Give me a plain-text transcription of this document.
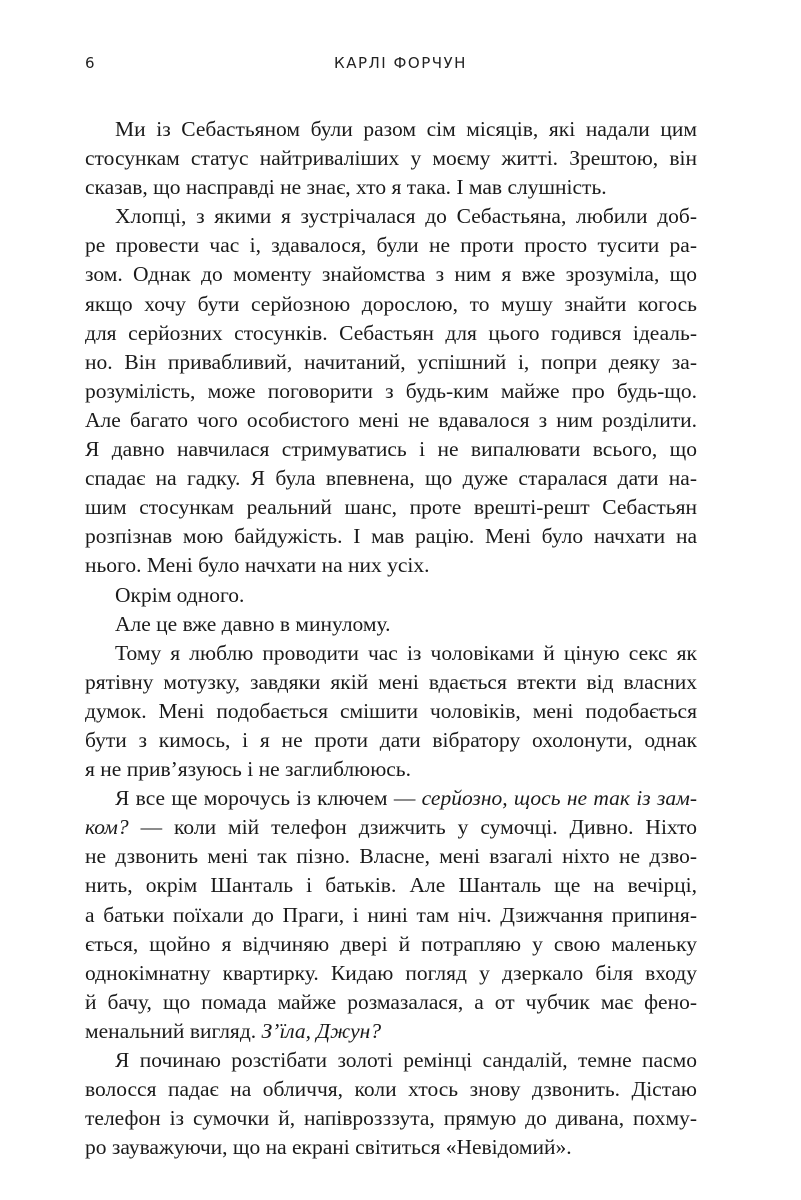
6	КАРЛІ ФОРЧУН
Ми із Себастьяном були разом сім місяців, які надали цим
стосункам статус найтриваліших у моєму житті. Зрештою, він
сказав, що насправді не знає, хто я така. І мав слушність.
Хлопці, з якими я зустрічалася до Себастьяна, любили доб-
ре провести час і, здавалося, були не проти просто тусити ра-
зом. Однак до моменту знайомства з ним я вже зрозуміла, що
якщо хочу бути серйозною дорослою, то мушу знайти когось
для серйозних стосунків. Себастьян для цього годився ідеаль-
но. Він привабливий, начитаний, успішний і, попри деяку за-
розумілість, може поговорити з будь-ким майже про будь-що.
Але багато чого особистого мені не вдавалося з ним розділити.
Я давно навчилася стримуватись і не випалювати всього, що
спадає на гадку. Я була впевнена, що дуже старалася дати на-
шим стосункам реальний шанс, проте врешті-решт Себастьян
розпізнав мою байдужість. І мав рацію. Мені було начхати на
нього. Мені було начхати на них усіх.
Окрім одного.
Але це вже давно в минулому.
Тому я люблю проводити час із чоловіками й ціную секс як
рятівну мотузку, завдяки якій мені вдається втекти від власних
думок. Мені подобається смішити чоловіків, мені подобається
бути з кимось, і я не проти дати вібратору охолонути, однак
я не прив’язуюсь і не заглиблююсь.
Я все ще морочусь із ключем — серйозно, щось не так із зам-
ком? — коли мій телефон дзижчить у сумочці. Дивно. Ніхто
не дзвонить мені так пізно. Власне, мені взагалі ніхто не дзво-
нить, окрім Шанталь і батьків. Але Шанталь ще на вечірці,
а батьки поїхали до Праги, і нині там ніч. Дзижчання припиня-
ється, щойно я відчиняю двері й потрапляю у свою маленьку
однокімнатну квартирку. Кидаю погляд у дзеркало біля входу
й бачу, що помада майже розмазалася, а от чубчик має фено-
менальний вигляд. З’їла, Джун?
Я починаю розстібати золоті ремінці сандалій, темне пасмо
волосся падає на обличчя, коли хтось знову дзвонить. Дістаю
телефон із сумочки й, напіврозззута, прямую до дивана, похму-
ро зауважуючи, що на екрані світиться «Невідомий».
